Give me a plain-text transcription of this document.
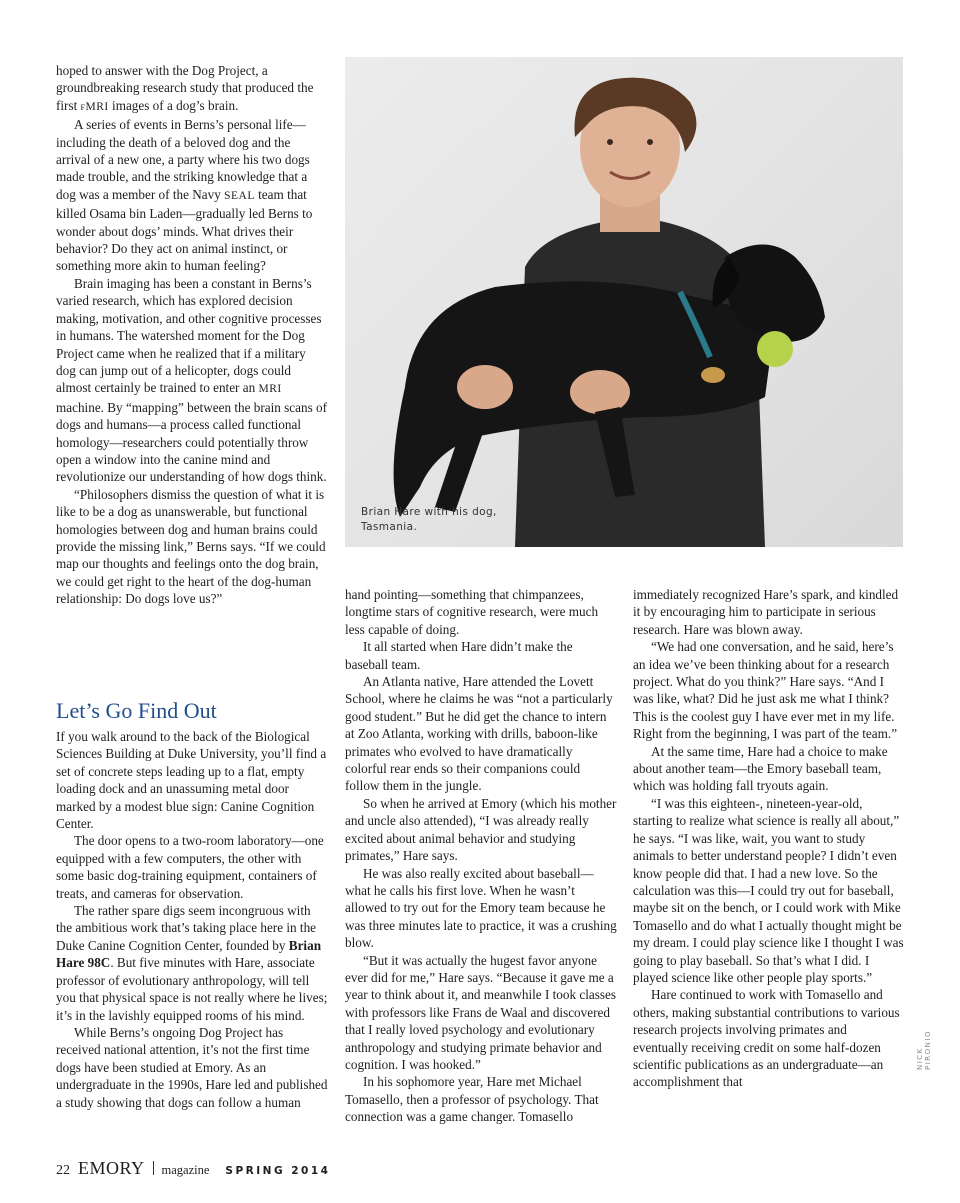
hoped to answer with the Dog Project, a groundbreaking research study that produced the first fMRI images of a dog’s brain.

A series of events in Berns’s personal life—including the death of a beloved dog and the arrival of a new one, a party where his two dogs made trouble, and the striking knowledge that a dog was a member of the Navy SEAL team that killed Osama bin Laden—gradually led Berns to wonder about dogs’ minds. What drives their behavior? Do they act on animal instinct, or something more akin to human feeling?

Brain imaging has been a constant in Berns’s varied research, which has explored decision making, motivation, and other cognitive processes in humans. The watershed moment for the Dog Project came when he realized that if a military dog can jump out of a helicopter, dogs could almost certainly be trained to enter an MRI machine. By “mapping” between the brain scans of dogs and humans—a process called functional homology—researchers could potentially throw open a window into the canine mind and revolutionize our understanding of how dogs think.

“Philosophers dismiss the question of what it is like to be a dog as unanswerable, but functional homologies between dog and human brains could provide the missing link,” Berns says. “If we could map our thoughts and feelings onto the dog brain, we could get right to the heart of the dog-human relationship: Do dogs love us?”

Let’s Go Find Out

If you walk around to the back of the Biological Sciences Building at Duke University, you’ll find a set of concrete steps leading up to a flat, empty loading dock and an unassuming metal door marked by a modest blue sign: Canine Cognition Center.

The door opens to a two-room laboratory—one equipped with a few computers, the other with some basic dog-training equipment, containers of treats, and cameras for observation.

The rather spare digs seem incongruous with the ambitious work that’s taking place here in the Duke Canine Cognition Center, founded by Brian Hare 98C. But five minutes with Hare, associate professor of evolutionary anthropology, will tell you that physical space is not really where he lives; it’s in the lavishly equipped rooms of his mind.

While Berns’s ongoing Dog Project has received national attention, it’s not the first time dogs have been studied at Emory. As an undergraduate in the 1990s, Hare led and published a study showing that dogs can follow a human

Brian Hare with his dog, Tasmania.

hand pointing—something that chimpanzees, longtime stars of cognitive research, were much less capable of doing.

It all started when Hare didn’t make the baseball team.

An Atlanta native, Hare attended the Lovett School, where he claims he was “not a particularly good student.” But he did get the chance to intern at Zoo Atlanta, working with drills, baboon-like primates who evolved to have dramatically colorful rear ends so their companions could follow them in the jungle.

So when he arrived at Emory (which his mother and uncle also attended), “I was already really excited about animal behavior and studying primates,” Hare says.

He was also really excited about baseball—what he calls his first love. When he wasn’t allowed to try out for the Emory team because he was three minutes late to practice, it was a crushing blow.

“But it was actually the hugest favor anyone ever did for me,” Hare says. “Because it gave me a year to think about it, and meanwhile I took classes with professors like Frans de Waal and discovered that I really loved psychology and evolutionary anthropology and studying primate behavior and cognition. I was hooked.”

In his sophomore year, Hare met Michael Tomasello, then a professor of psychology. That connection was a game changer. Tomasello

immediately recognized Hare’s spark, and kindled it by encouraging him to participate in serious research. Hare was blown away.

“We had one conversation, and he said, here’s an idea we’ve been thinking about for a research project. What do you think?” Hare says. “And I was like, what? Did he just ask me what I think? This is the coolest guy I have ever met in my life. Right from the beginning, I was part of the team.”

At the same time, Hare had a choice to make about another team—the Emory baseball team, which was holding fall tryouts again.

“I was this eighteen-, nineteen-year-old, starting to realize what science is really all about,” he says. “I was like, wait, you want to study animals to better understand people? I didn’t even know people did that. I had a new love. So the calculation was this—I could try out for baseball, maybe sit on the bench, or I could work with Mike Tomasello and do what I actually thought might be my dream. I could play science like I thought I was going to play baseball. So that’s what I did. I played science like other people play sports.”

Hare continued to work with Tomasello and others, making substantial contributions to various research projects involving primates and eventually receiving credit on some half-dozen scientific publications as an undergraduate—an accomplishment that

NICK PIRONIO
22 EMORY magazine SPRING 2014
